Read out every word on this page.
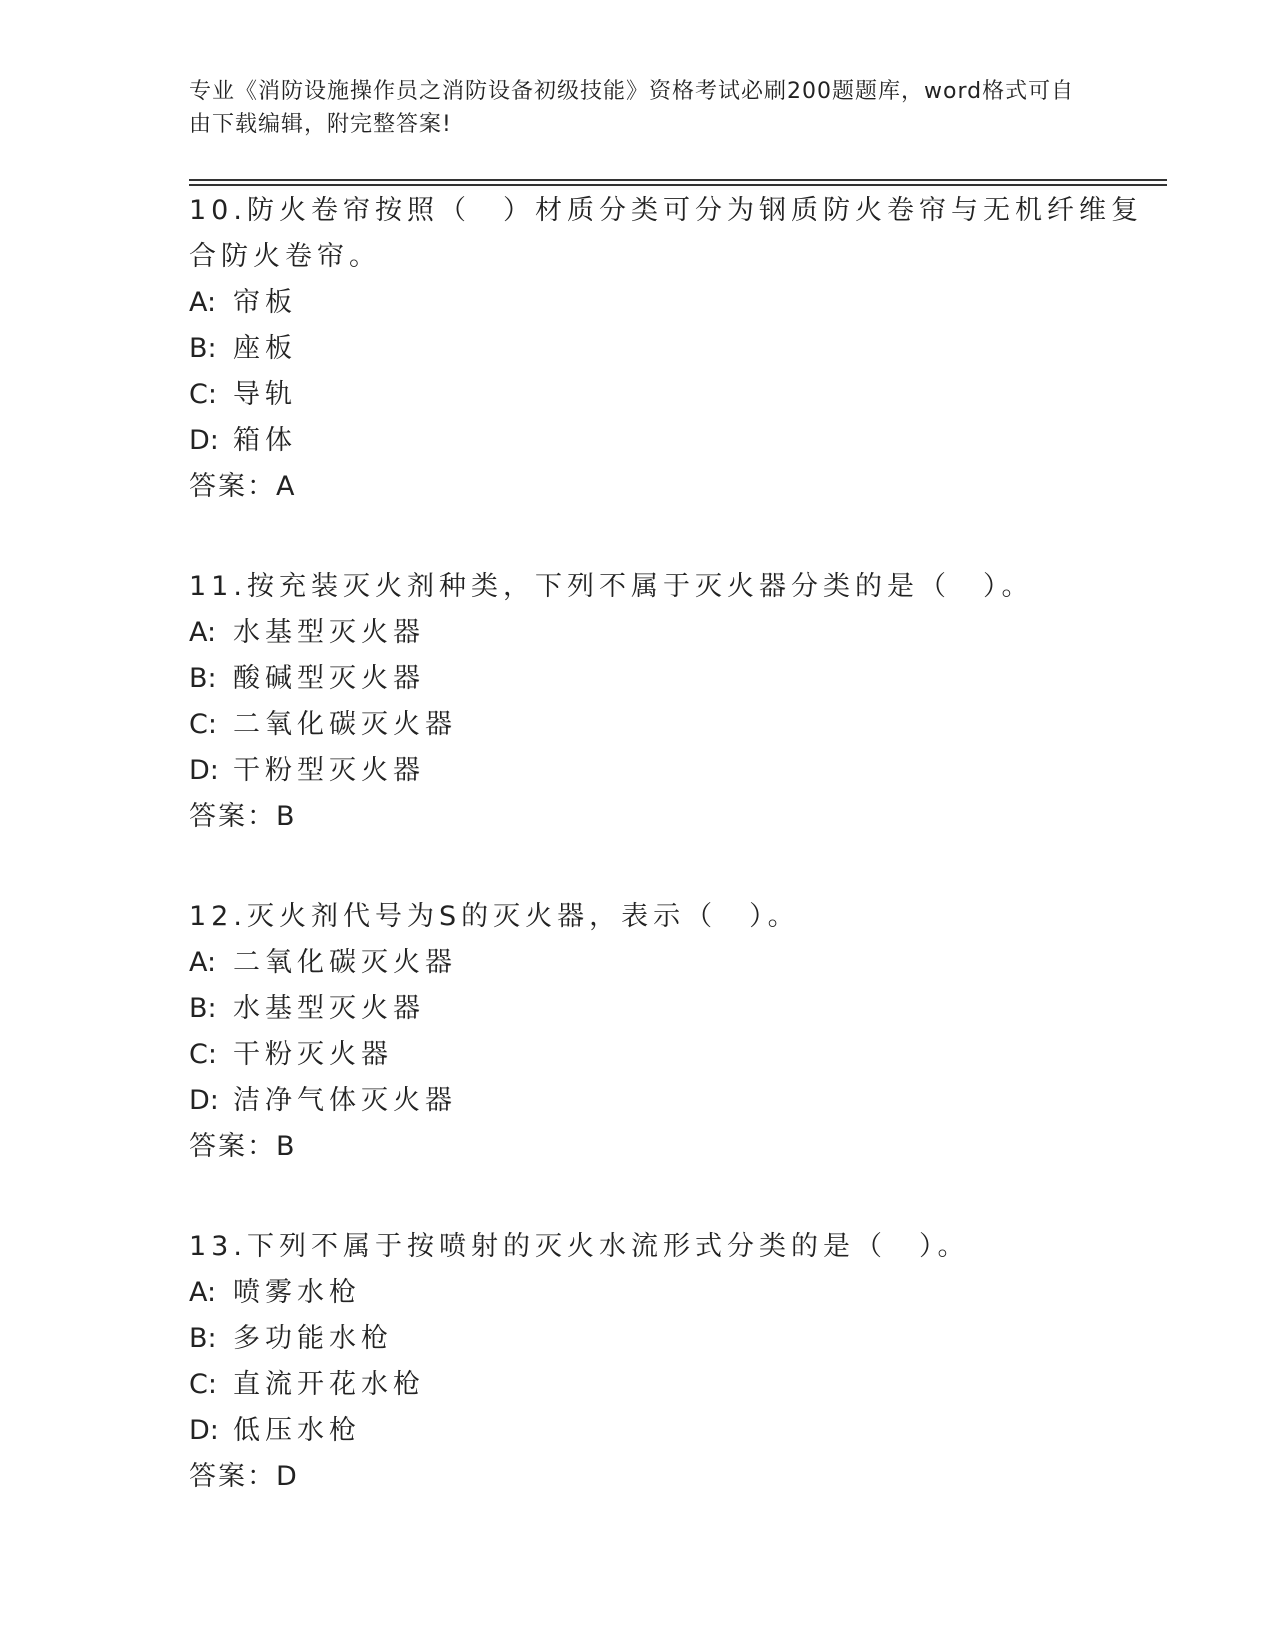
专业《消防设施操作员之消防设备初级技能》资格考试必刷200题题库，word格式可自由下载编辑，附完整答案!

10.防火卷帘按照（　）材质分类可分为钢质防火卷帘与无机纤维复合防火卷帘。

A: 帘板
B: 座板
C: 导轨
D: 箱体

答案：A

11.按充装灭火剂种类，下列不属于灭火器分类的是（　）。

A: 水基型灭火器
B: 酸碱型灭火器
C: 二氧化碳灭火器
D: 干粉型灭火器

答案：B

12.灭火剂代号为S的灭火器，表示（　）。

A: 二氧化碳灭火器
B: 水基型灭火器
C: 干粉灭火器
D: 洁净气体灭火器

答案：B

13.下列不属于按喷射的灭火水流形式分类的是（　）。

A: 喷雾水枪
B: 多功能水枪
C: 直流开花水枪
D: 低压水枪

答案：D
